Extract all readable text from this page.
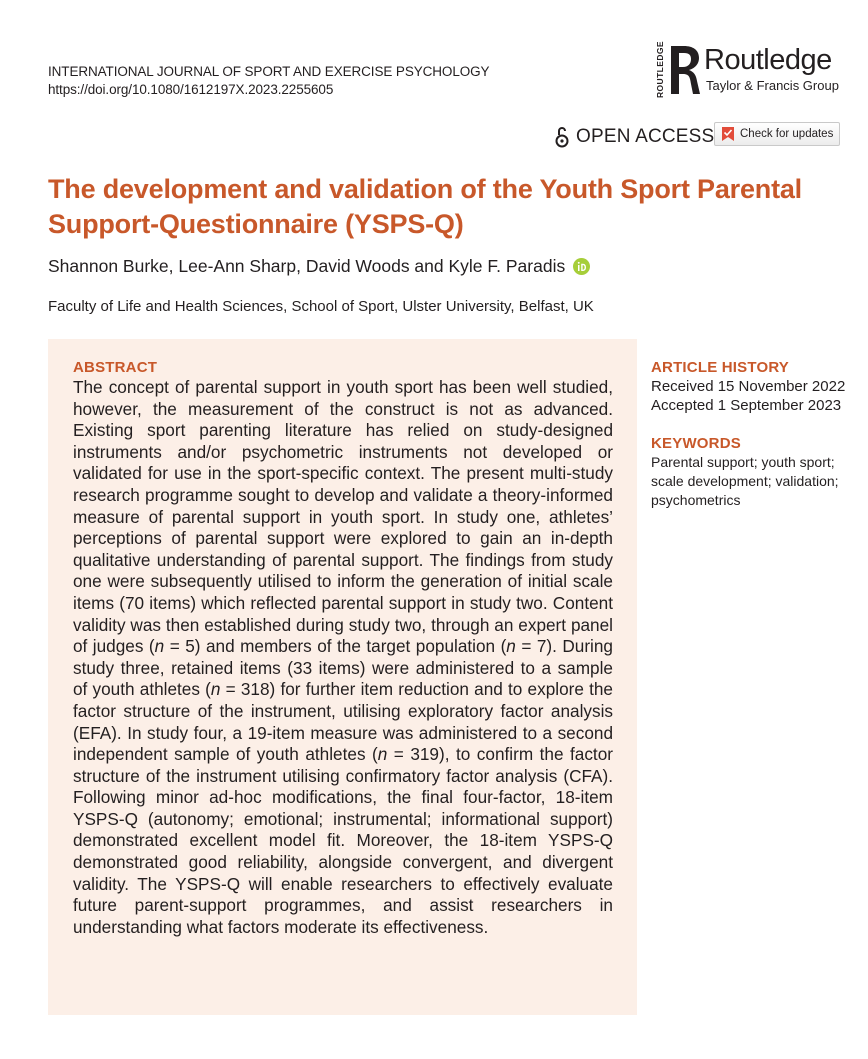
INTERNATIONAL JOURNAL OF SPORT AND EXERCISE PSYCHOLOGY
https://doi.org/10.1080/1612197X.2023.2255605	ROUTLEDGE Routledge
Taylor & Francis Group
OPEN ACCESS Check for updates
The development and validation of the Youth Sport Parental
Support-Questionnaire (YSPS-Q)
Shannon Burke, Lee-Ann Sharp, David Woods and Kyle F. Paradis
Faculty of Life and Health Sciences, School of Sport, Ulster University, Belfast, UK
ABSTRACT
The concept of parental support in youth sport has been well studied, however, the measurement of the construct is not as advanced. Existing sport parenting literature has relied on study-designed instruments and/or psychometric instruments not developed or validated for use in the sport-specific context. The present multi-study research programme sought to develop and validate a theory-informed measure of parental support in youth sport. In study one, athletes’ perceptions of parental support were explored to gain an in-depth qualitative understanding of parental support. The findings from study one were subsequently utilised to inform the generation of initial scale items (70 items) which reflected parental support in study two. Content validity was then established during study two, through an expert panel of judges (n = 5) and members of the target population (n = 7). During study three, retained items (33 items) were administered to a sample of youth athletes (n = 318) for further item reduction and to explore the factor structure of the instrument, utilising exploratory factor analysis (EFA). In study four, a 19-item measure was administered to a second independent sample of youth athletes (n = 319), to confirm the factor structure of the instrument utilising confirmatory factor analysis (CFA). Following minor ad-hoc modifications, the final four-factor, 18-item YSPS-Q (autonomy; emotional; instrumental; informational support) demonstrated excellent model fit. Moreover, the 18-item YSPS-Q demonstrated good reliability, alongside convergent, and divergent validity. The YSPS-Q will enable researchers to effectively evaluate future parent-support programmes, and assist researchers in understanding what factors moderate its effectiveness.
ARTICLE HISTORY
Received 15 November 2022
Accepted 1 September 2023
KEYWORDS
Parental support; youth sport; scale development; validation; psychometrics
